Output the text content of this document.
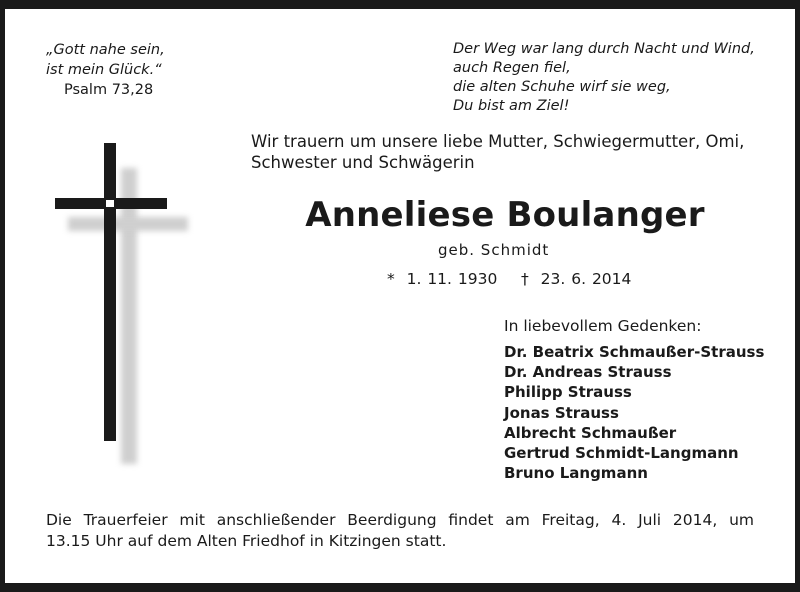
„Gott nahe sein,
ist mein Glück.“
Psalm 73,28
Der Weg war lang durch Nacht und Wind,
auch Regen fiel,
die alten Schuhe wirf sie weg,
Du bist am Ziel!
Wir trauern um unsere liebe Mutter, Schwiegermutter, Omi,
Schwester und Schwägerin
Anneliese Boulanger
geb. Schmidt
*  1. 11. 1930    †  23. 6. 2014
In liebevollem Gedenken:
Dr. Beatrix Schmaußer-Strauss
Dr. Andreas Strauss
Philipp Strauss
Jonas Strauss
Albrecht Schmaußer
Gertrud Schmidt-Langmann
Bruno Langmann
Die Trauerfeier mit anschließender Beerdigung findet am Freitag, 4. Juli 2014, um
13.15 Uhr auf dem Alten Friedhof in Kitzingen statt.
